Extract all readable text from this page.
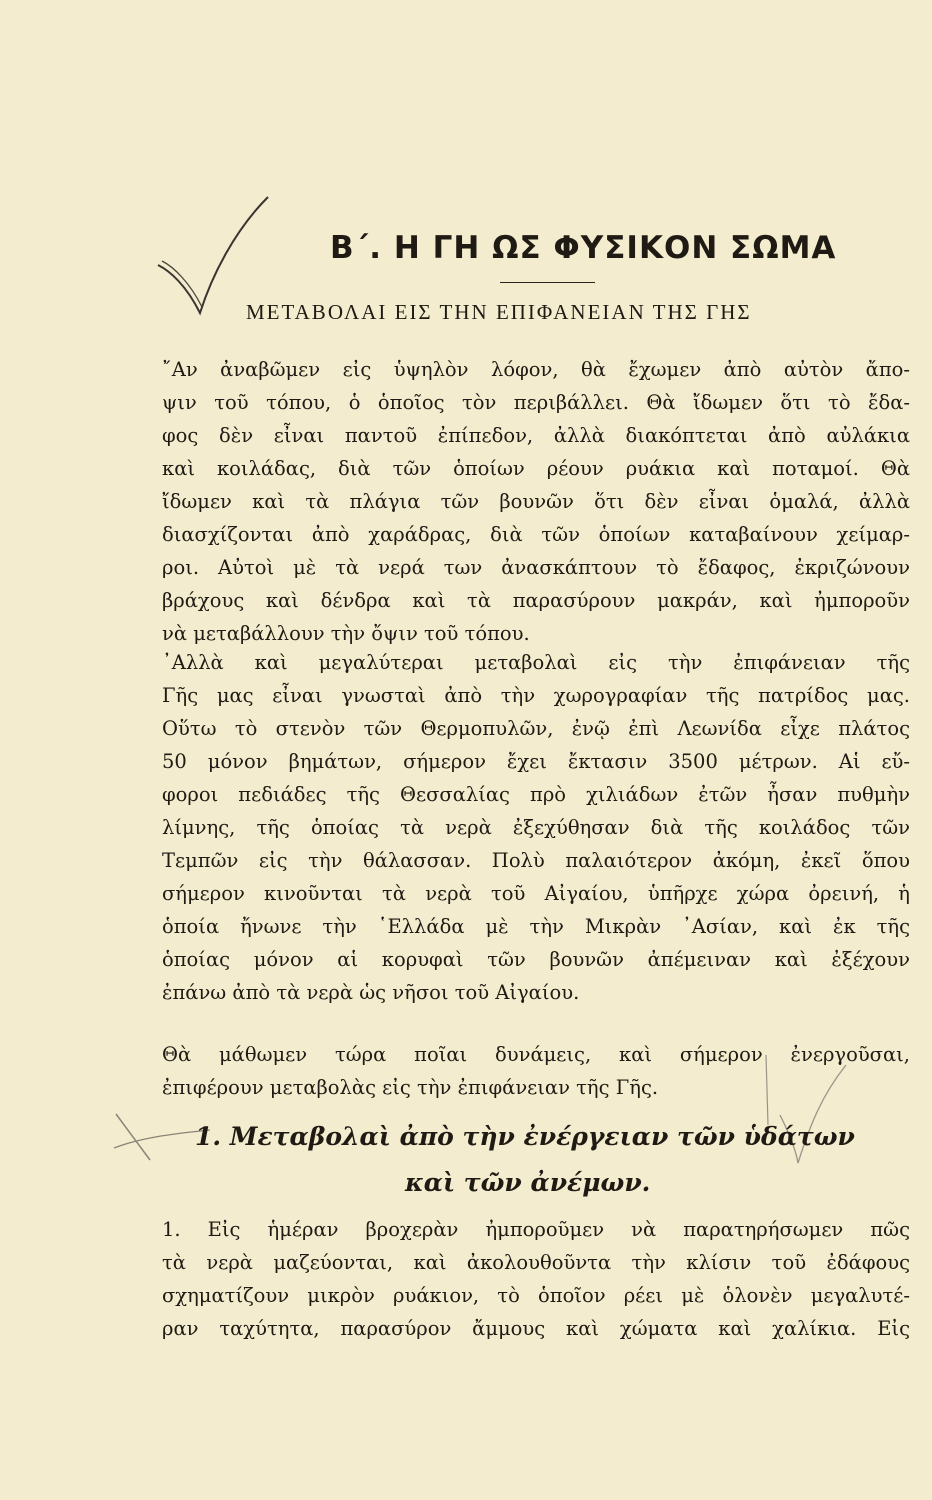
Β΄. Η ΓΗ ΩΣ ΦΥΣΙΚΟΝ ΣΩΜΑ
ΜΕΤΑΒΟΛΑΙ ΕΙΣ ΤΗΝ ΕΠΙΦΑΝΕΙΑΝ ΤΗΣ ΓΗΣ
῎Αν ἀναβῶμεν εἰς ὑψηλὸν λόφον, θὰ ἔχωμεν ἀπὸ αὐτὸν ἄπο-
ψιν τοῦ τόπου, ὁ ὁποῖος τὸν περιβάλλει. Θὰ ἴδωμεν ὅτι τὸ ἔδα-
φος δὲν εἶναι παντοῦ ἐπίπεδον, ἀλλὰ διακόπτεται ἀπὸ αὐλάκια
καὶ κοιλάδας, διὰ τῶν ὁποίων ρέουν ρυάκια καὶ ποταμοί. Θὰ
ἴδωμεν καὶ τὰ πλάγια τῶν βουνῶν ὅτι δὲν εἶναι ὁμαλά, ἀλλὰ
διασχίζονται ἀπὸ χαράδρας, διὰ τῶν ὁποίων καταβαίνουν χείμαρ-
ροι. Αὐτοὶ μὲ τὰ νερά των ἀνασκάπτουν τὸ ἔδαφος, ἐκριζώνουν
βράχους καὶ δένδρα καὶ τὰ παρασύρουν μακράν, καὶ ἠμποροῦν
νὰ μεταβάλλουν τὴν ὄψιν τοῦ τόπου.
᾿Αλλὰ καὶ μεγαλύτεραι μεταβολαὶ εἰς τὴν ἐπιφάνειαν τῆς
Γῆς μας εἶναι γνωσταὶ ἀπὸ τὴν χωρογραφίαν τῆς πατρίδος μας.
Οὕτω τὸ στενὸν τῶν Θερμοπυλῶν, ἐνῷ ἐπὶ Λεωνίδα εἶχε πλάτος
50 μόνον βημάτων, σήμερον ἔχει ἔκτασιν 3500 μέτρων. Αἱ εὔ-
φοροι πεδιάδες τῆς Θεσσαλίας πρὸ χιλιάδων ἐτῶν ἦσαν πυθμὴν
λίμνης, τῆς ὁποίας τὰ νερὰ ἐξεχύθησαν διὰ τῆς κοιλάδος τῶν
Τεμπῶν εἰς τὴν θάλασσαν. Πολὺ παλαιότερον ἀκόμη, ἐκεῖ ὅπου
σήμερον κινοῦνται τὰ νερὰ τοῦ Αἰγαίου, ὑπῆρχε χώρα ὀρεινή, ἡ
ὁποία ἤνωνε τὴν ῾Ελλάδα μὲ τὴν Μικρὰν ᾿Ασίαν, καὶ ἐκ τῆς
ὁποίας μόνον αἱ κορυφαὶ τῶν βουνῶν ἀπέμειναν καὶ ἐξέχουν
ἐπάνω ἀπὸ τὰ νερὰ ὡς νῆσοι τοῦ Αἰγαίου.
Θὰ μάθωμεν τώρα ποῖαι δυνάμεις, καὶ σήμερον ἐνεργοῦσαι,
ἐπιφέρουν μεταβολὰς εἰς τὴν ἐπιφάνειαν τῆς Γῆς.
1. Μεταβολαὶ ἀπὸ τὴν ἐνέργειαν τῶν ὑδάτων
καὶ τῶν ἀνέμων.
1. Εἰς ἡμέραν βροχερὰν ἠμποροῦμεν νὰ παρατηρήσωμεν πῶς
τὰ νερὰ μαζεύονται, καὶ ἀκολουθοῦντα τὴν κλίσιν τοῦ ἐδάφους
σχηματίζουν μικρὸν ρυάκιον, τὸ ὁποῖον ρέει μὲ ὁλονὲν μεγαλυτέ-
ραν ταχύτητα, παρασύρον ἄμμους καὶ χώματα καὶ χαλίκια. Εἰς
